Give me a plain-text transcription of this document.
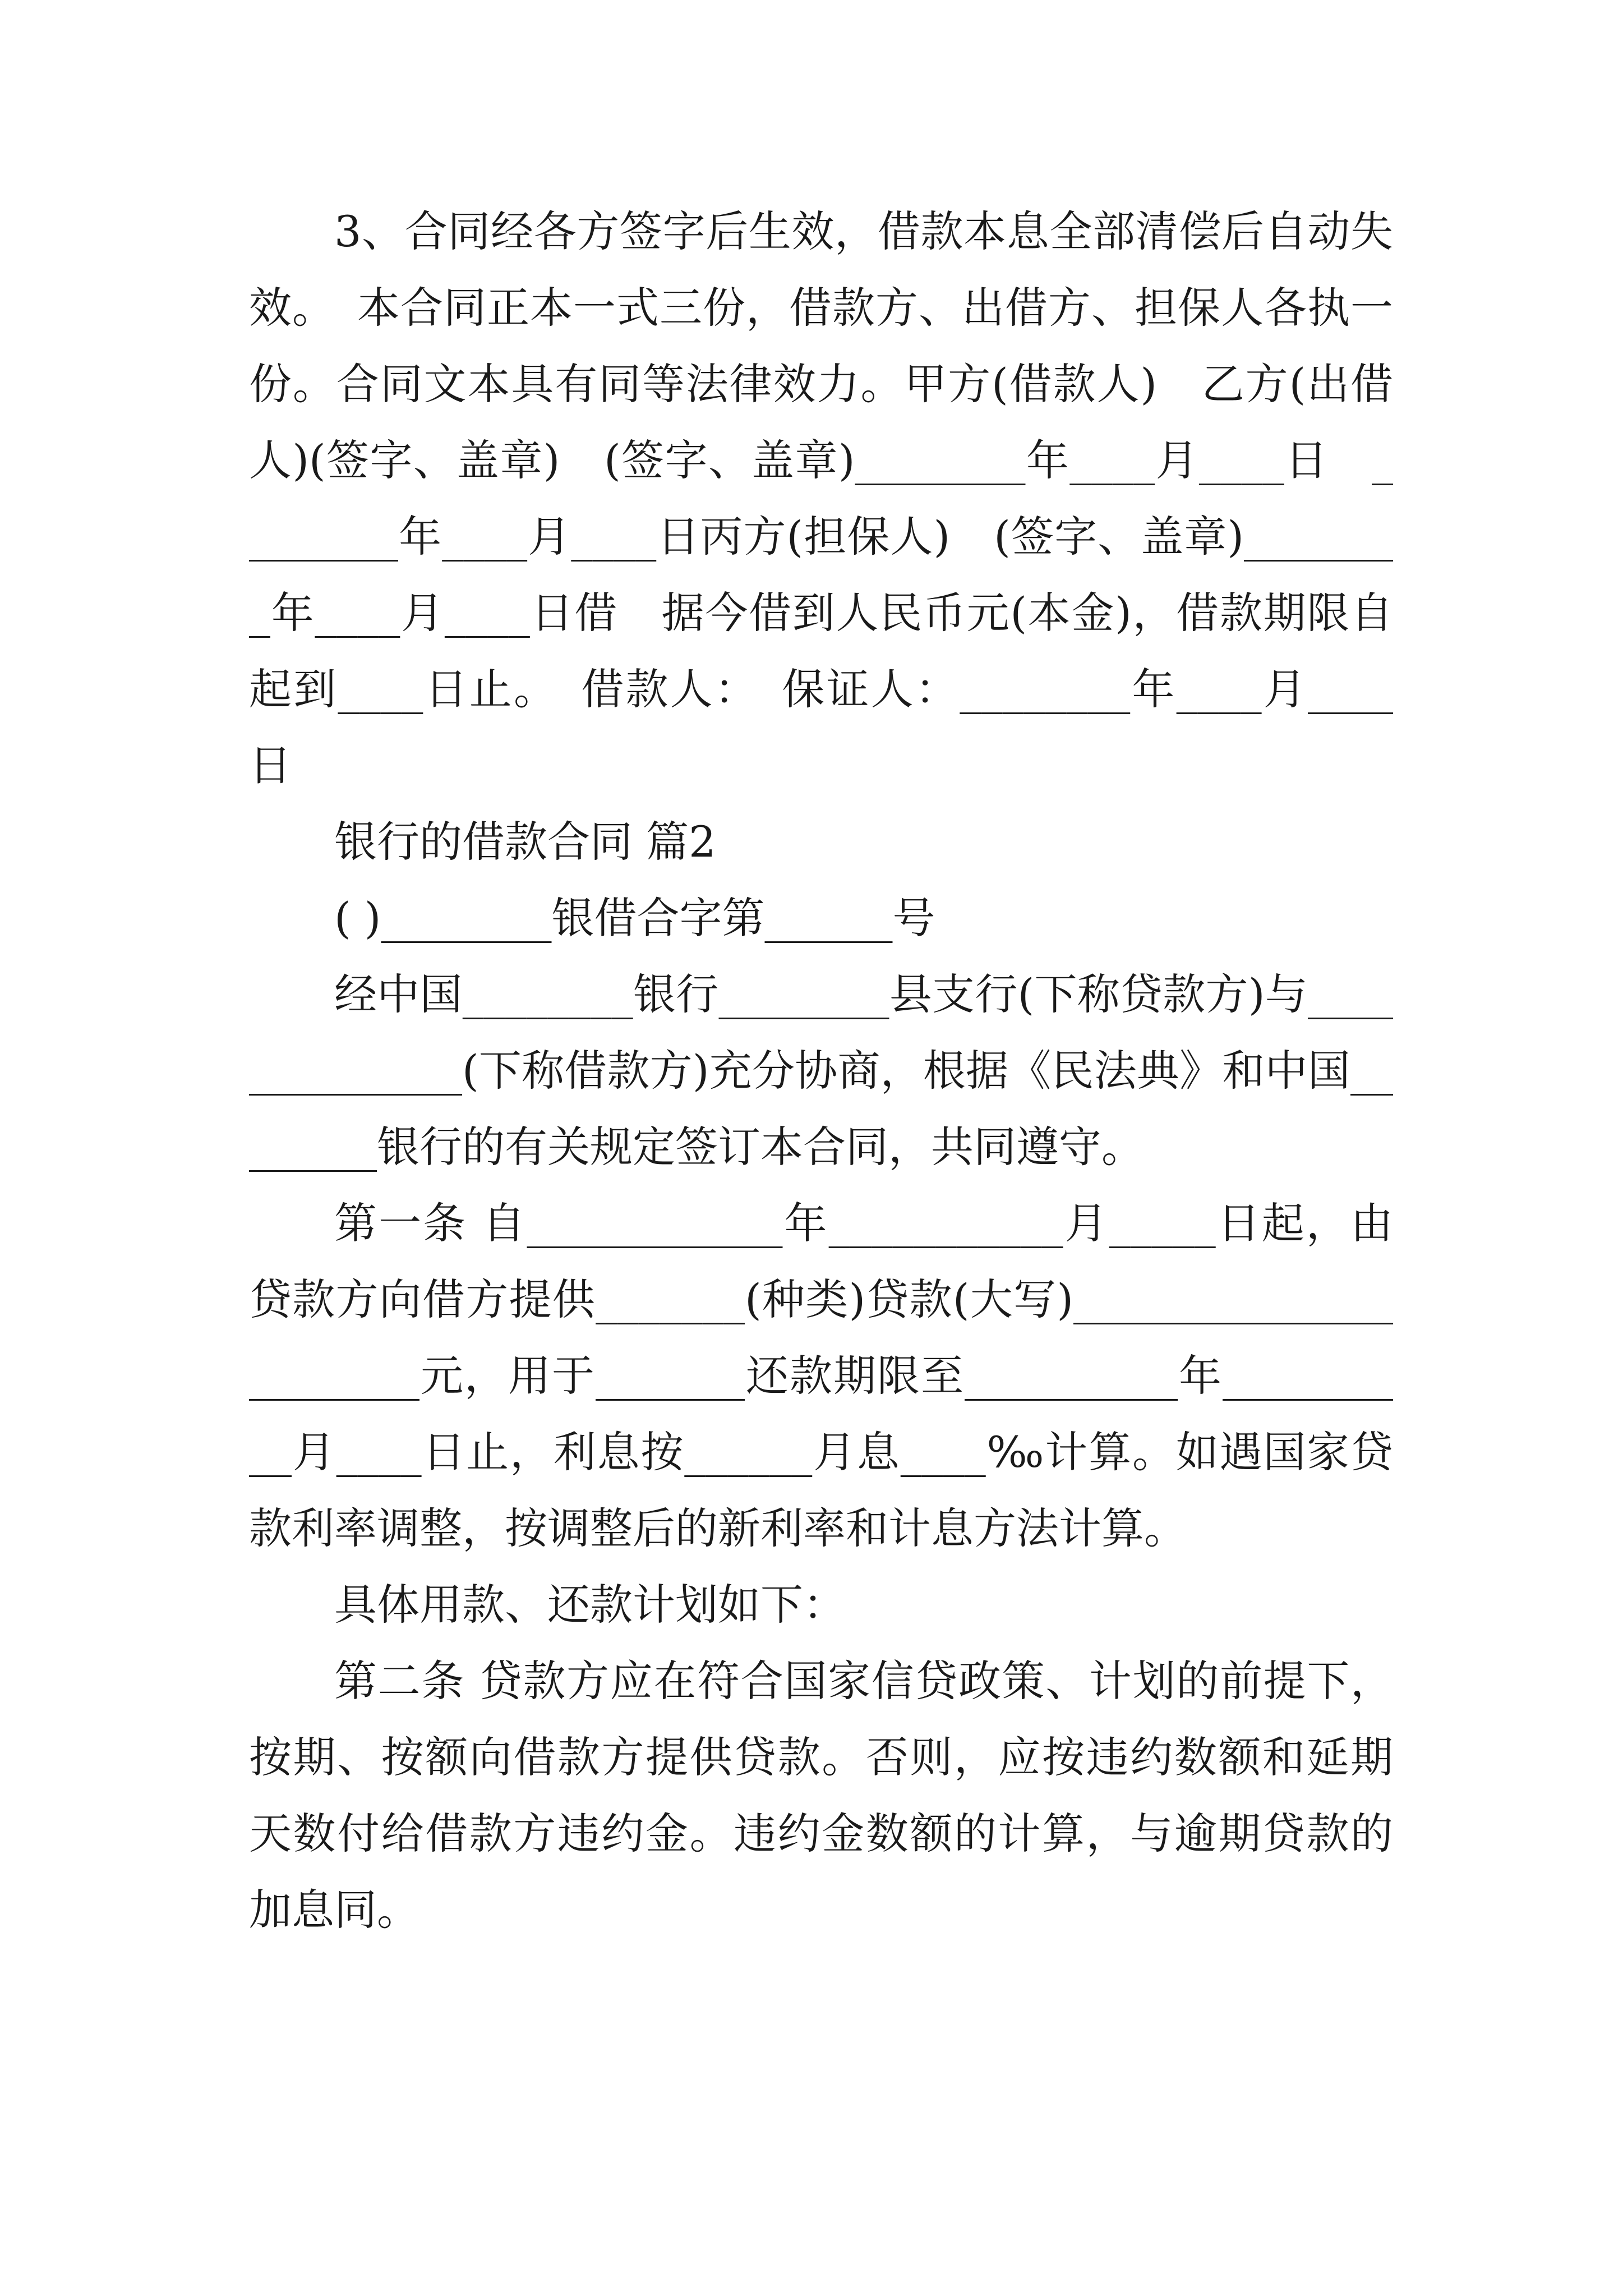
3、合同经各方签字后生效，借款本息全部清偿后自动失效。　本合同正本一式三份，借款方、出借方、担保人各执一份。合同文本具有同等法律效力。甲方(借款人)　乙方(出借人)(签字、盖章)　(签字、盖章)________年____月____日　________年____月____日丙方(担保人)　(签字、盖章)________年____月____日借　据今借到人民币元(本金)，借款期限自　起到____日止。　借款人：　保证人：________年____月____日

银行的借款合同 篇2

( )________银借合字第______号

经中国________银行________县支行(下称贷款方)与______________(下称借款方)充分协商，根据《民法典》和中国________银行的有关规定签订本合同，共同遵守。

第一条 自____________年___________月_____日起，由贷款方向借方提供_______(种类)贷款(大写)_______________________元，用于_______还款期限至__________年__________月____日止，利息按______月息____‰计算。如遇国家贷款利率调整，按调整后的新利率和计息方法计算。

具体用款、还款计划如下：

第二条 贷款方应在符合国家信贷政策、计划的前提下，按期、按额向借款方提供贷款。否则，应按违约数额和延期天数付给借款方违约金。违约金数额的计算，与逾期贷款的加息同。
